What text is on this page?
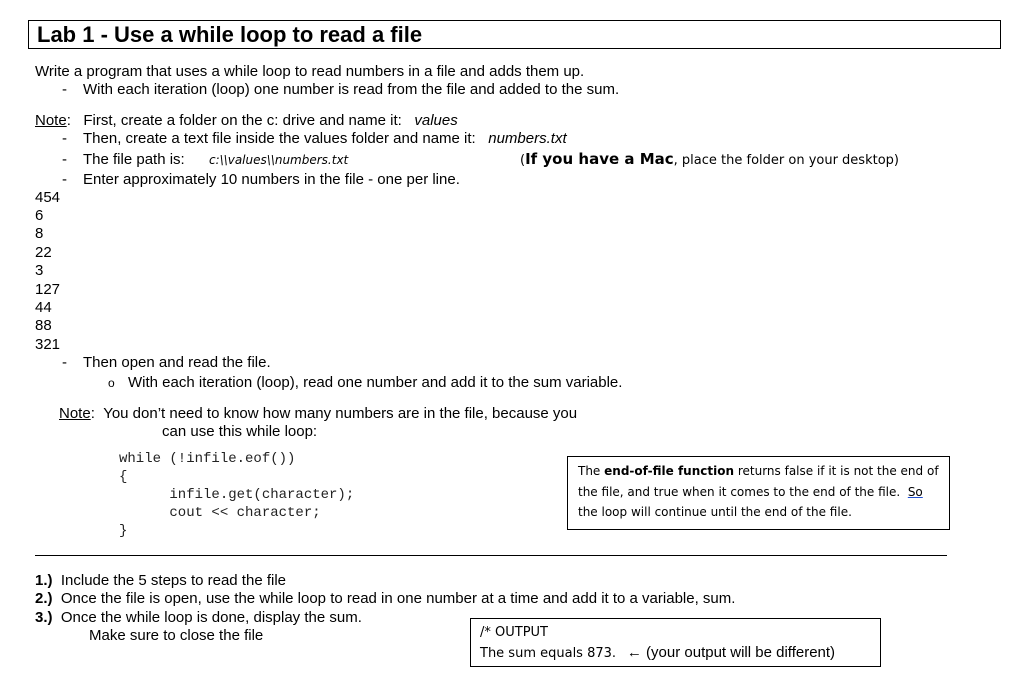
Lab 1 - Use a while loop to read a file
Write a program that uses a while loop to read numbers in a file and adds them up.
- With each iteration (loop) one number is read from the file and added to the sum.
Note:   First, create a folder on the c: drive and name it: values
- Then, create a text file inside the values folder and name it: numbers.txt
- The file path is: c:\\values\\numbers.txt	(If you have a Mac, place the folder on your desktop)
- Enter approximately 10 numbers in the file - one per line.
454
6
8
22
3
127
44
88
321
- Then open and read the file.
o With each iteration (loop), read one number and add it to the sum variable.
Note:  You don’t need to know how many numbers are in the file, because you
can use this while loop:
while (!infile.eof())
{
infile.get(character);
cout << character;
}
The end-of-file function returns false if it is not the end of
the file, and true when it comes to the end of the file. So
the loop will continue until the end of the file.
1.) Include the 5 steps to read the file
2.) Once the file is open, use the while loop to read in one number at a time and add it to a variable, sum.
3.) Once the while loop is done, display the sum.
Make sure to close the file	/* OUTPUT
The sum equals 873. ← (your output will be different)
